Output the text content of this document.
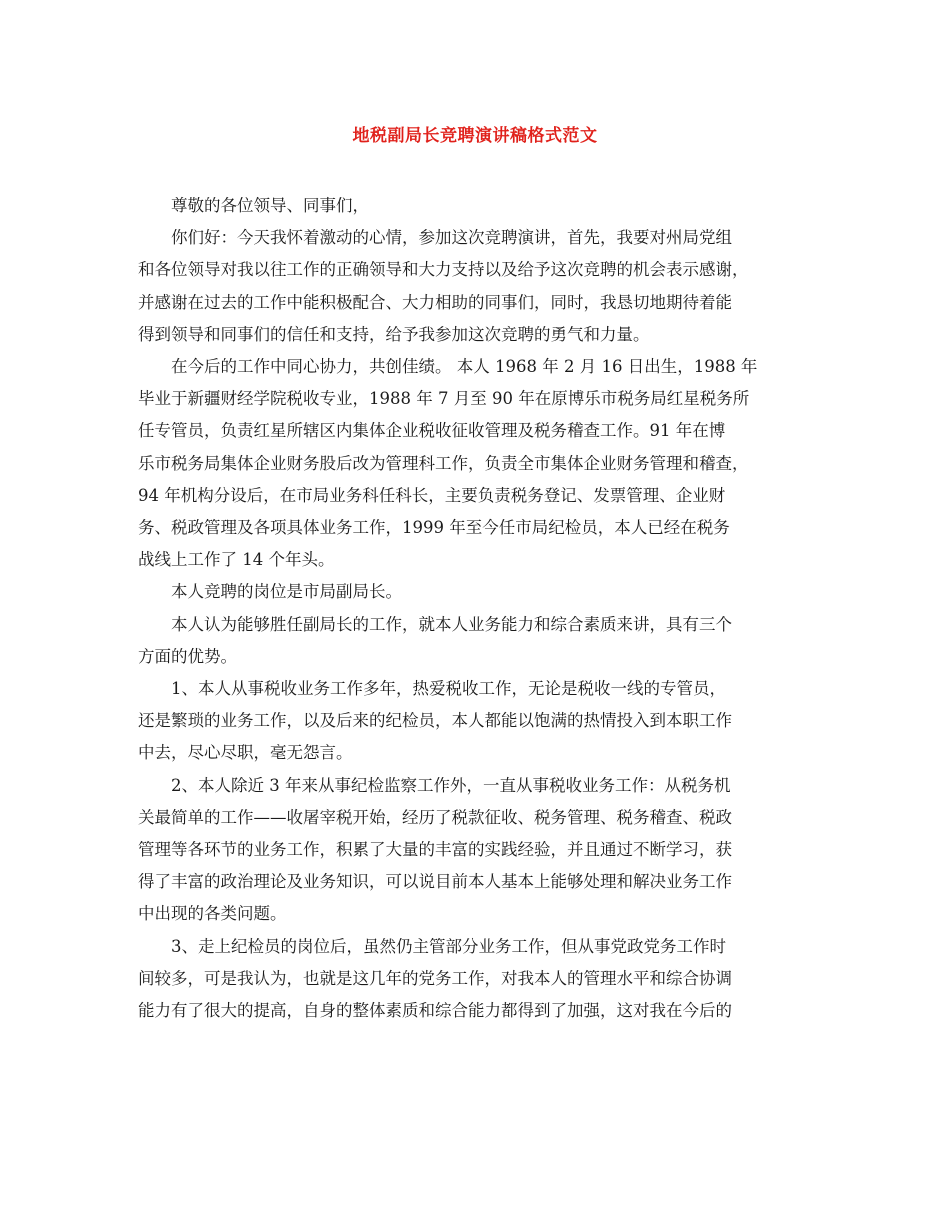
地税副局长竞聘演讲稿格式范文

尊敬的各位领导、同事们，

你们好：今天我怀着激动的心情，参加这次竞聘演讲，首先，我要对州局党组
和各位领导对我以往工作的正确领导和大力支持以及给予这次竞聘的机会表示感谢，
并感谢在过去的工作中能积极配合、大力相助的同事们，同时，我恳切地期待着能
得到领导和同事们的信任和支持，给予我参加这次竞聘的勇气和力量。

在今后的工作中同心协力，共创佳绩。 本人 1968 年 2 月 16 日出生，1988 年
毕业于新疆财经学院税收专业，1988 年 7 月至 90 年在原博乐市税务局红星税务所
任专管员，负责红星所辖区内集体企业税收征收管理及税务稽查工作。91 年在博
乐市税务局集体企业财务股后改为管理科工作，负责全市集体企业财务管理和稽查，
94 年机构分设后，在市局业务科任科长，主要负责税务登记、发票管理、企业财
务、税政管理及各项具体业务工作，1999 年至今任市局纪检员，本人已经在税务
战线上工作了 14 个年头。

本人竞聘的岗位是市局副局长。

本人认为能够胜任副局长的工作，就本人业务能力和综合素质来讲，具有三个
方面的优势。

1、本人从事税收业务工作多年，热爱税收工作，无论是税收一线的专管员，
还是繁琐的业务工作，以及后来的纪检员，本人都能以饱满的热情投入到本职工作
中去，尽心尽职，毫无怨言。

2、本人除近 3 年来从事纪检监察工作外，一直从事税收业务工作：从税务机
关最简单的工作——收屠宰税开始，经历了税款征收、税务管理、税务稽查、税政
管理等各环节的业务工作，积累了大量的丰富的实践经验，并且通过不断学习，获
得了丰富的政治理论及业务知识，可以说目前本人基本上能够处理和解决业务工作
中出现的各类问题。

3、走上纪检员的岗位后，虽然仍主管部分业务工作，但从事党政党务工作时
间较多，可是我认为，也就是这几年的党务工作，对我本人的管理水平和综合协调
能力有了很大的提高，自身的整体素质和综合能力都得到了加强，这对我在今后的
